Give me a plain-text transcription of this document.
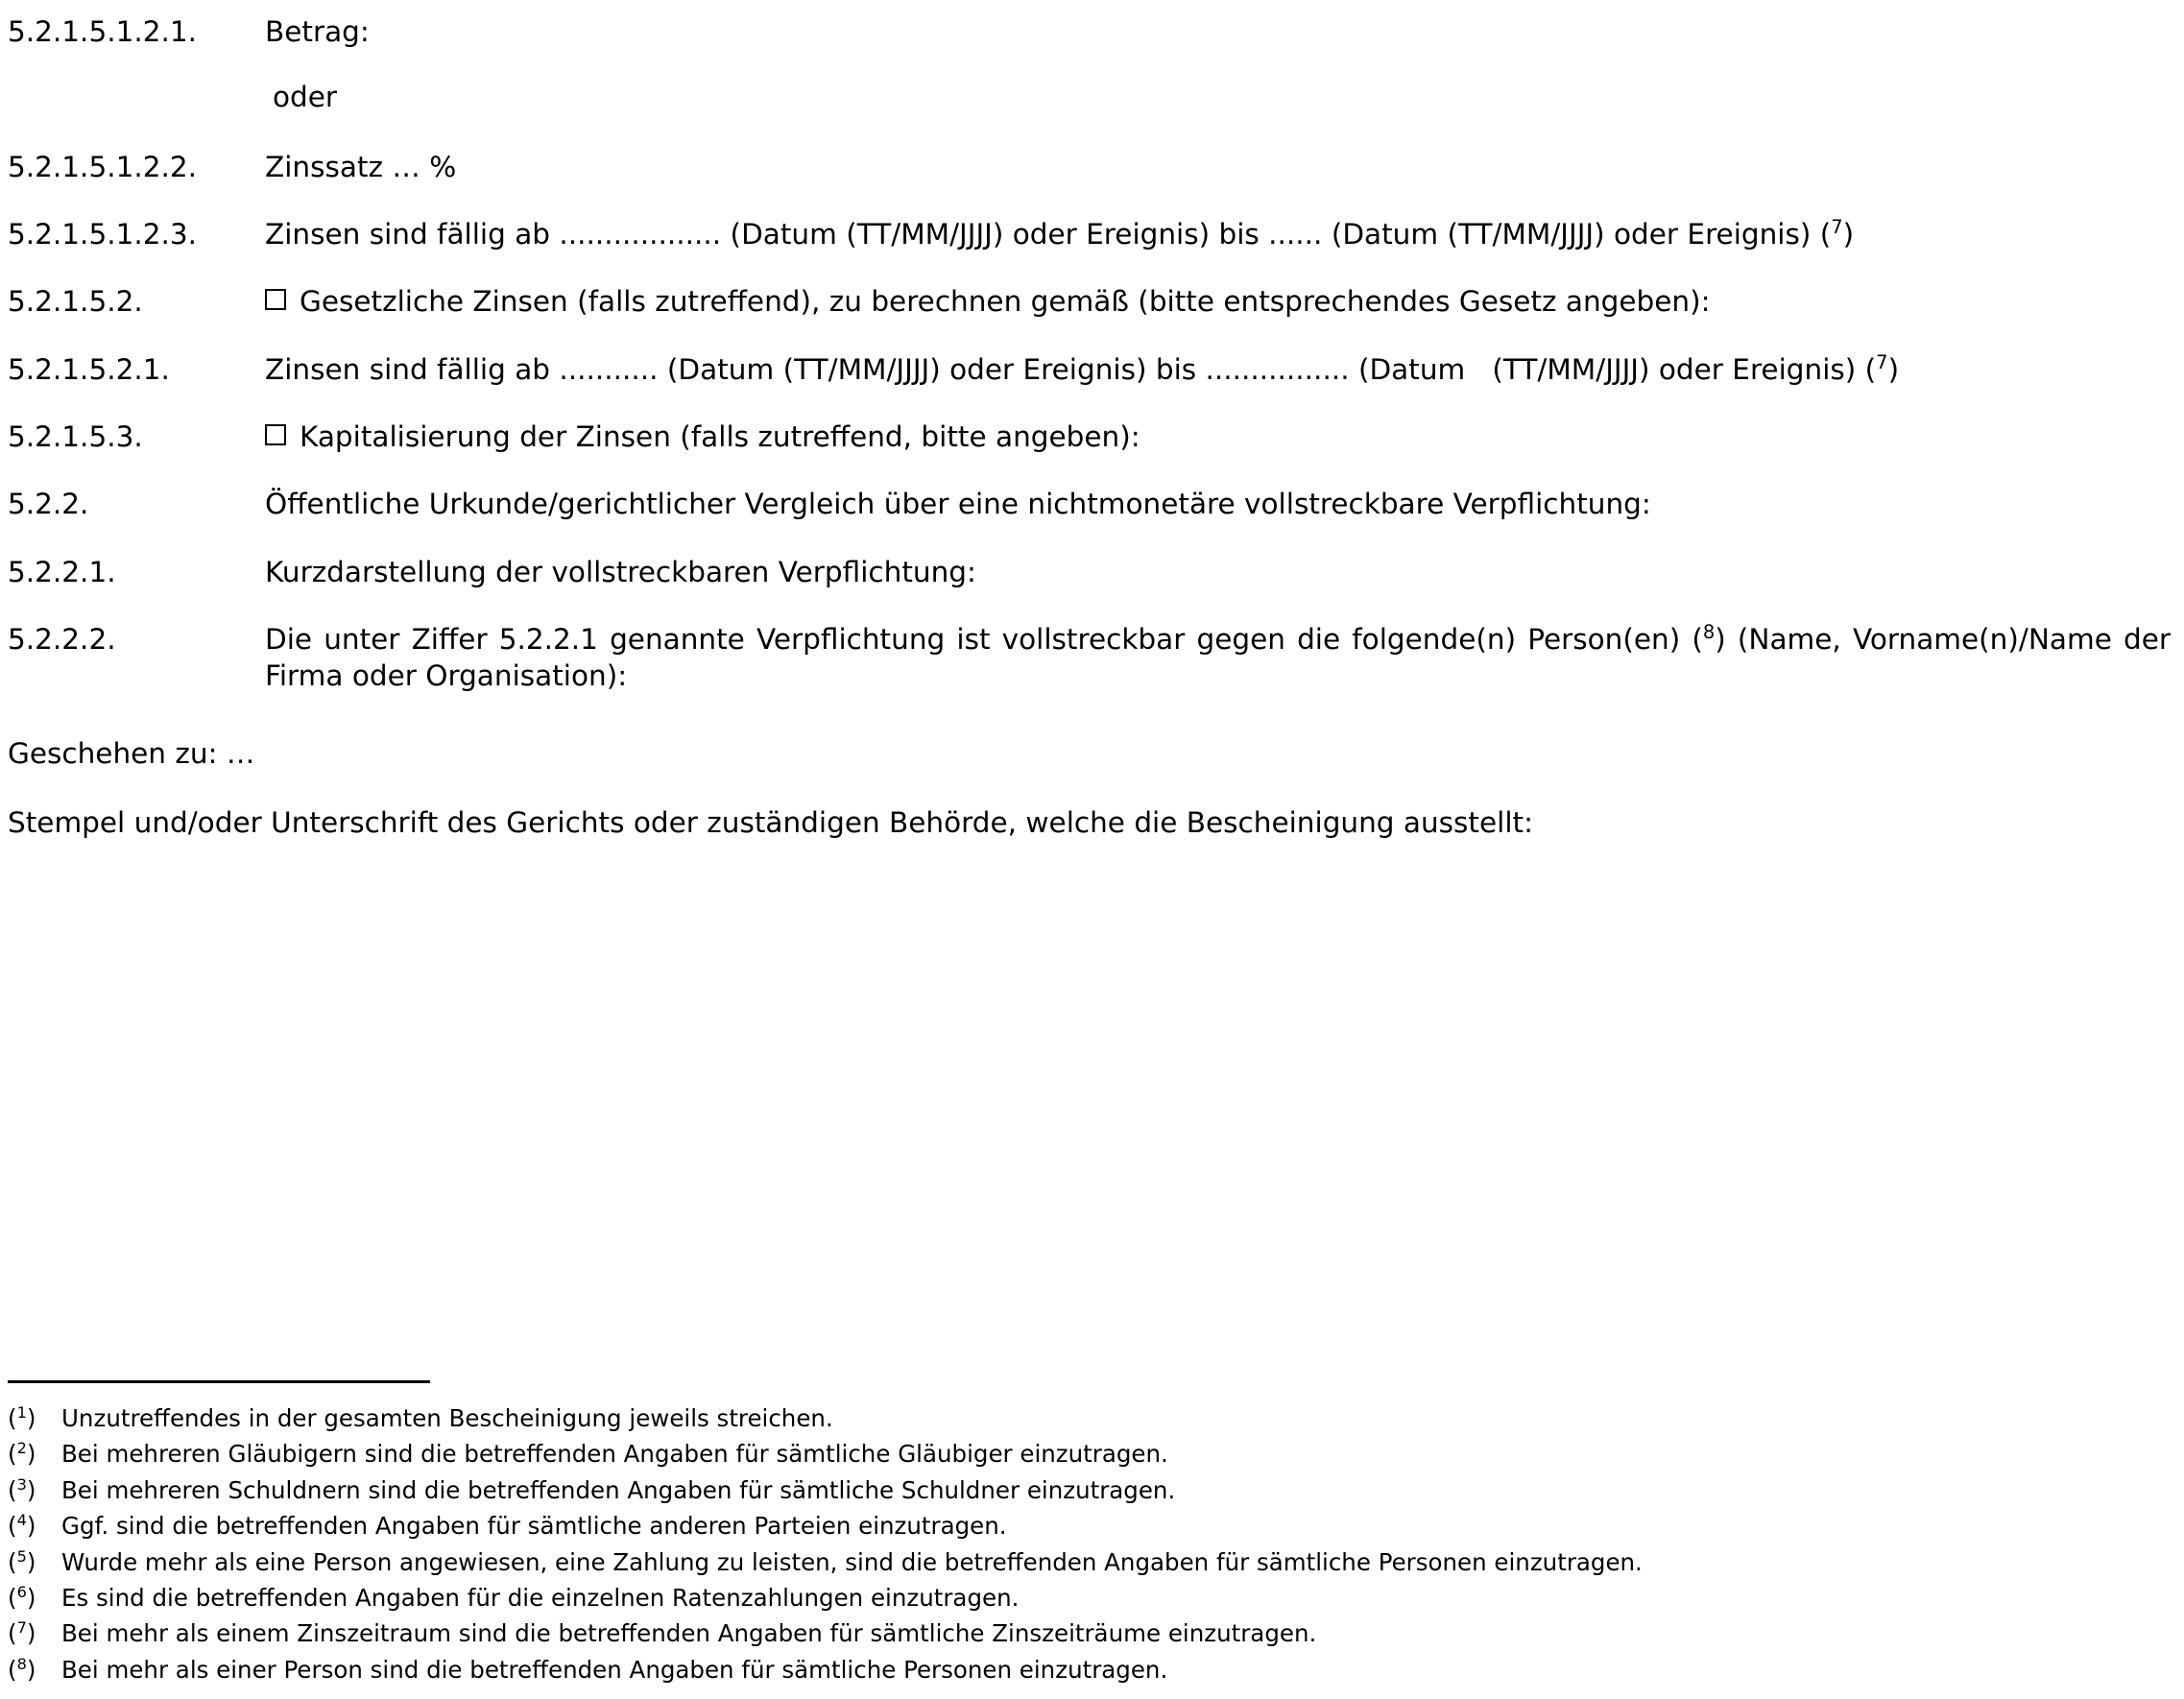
5.2.1.5.1.2.1.	Betrag:
oder
5.2.1.5.1.2.2.	Zinssatz … %
5.2.1.5.1.2.3.	Zinsen sind fällig ab .................. (Datum (TT/MM/JJJJ) oder Ereignis) bis ...... (Datum (TT/MM/JJJJ) oder Ereignis) ($^7$)
5.2.1.5.2.	Gesetzliche Zinsen (falls zutreffend), zu berechnen gemäß (bitte entsprechendes Gesetz angeben):
5.2.1.5.2.1.	Zinsen sind fällig ab ........... (Datum (TT/MM/JJJJ) oder Ereignis) bis ................ (Datum   (TT/MM/JJJJ) oder Ereignis) ($^7$)
5.2.1.5.3.	Kapitalisierung der Zinsen (falls zutreffend, bitte angeben):
5.2.2.	Öffentliche Urkunde/gerichtlicher Vergleich über eine nichtmonetäre vollstreckbare Verpflichtung:
5.2.2.1.	Kurzdarstellung der vollstreckbaren Verpflichtung:
5.2.2.2.	Die unter Ziffer 5.2.2.1 genannte Verpflichtung ist vollstreckbar gegen die folgende(n) Person(en) ($^8$) (Name, Vorname(n)/Name der Firma oder Organisation):
Geschehen zu: …
Stempel und/oder Unterschrift des Gerichts oder zuständigen Behörde, welche die Bescheinigung ausstellt:
($^1$)	Unzutreffendes in der gesamten Bescheinigung jeweils streichen.
($^2$)	Bei mehreren Gläubigern sind die betreffenden Angaben für sämtliche Gläubiger einzutragen.
($^3$)	Bei mehreren Schuldnern sind die betreffenden Angaben für sämtliche Schuldner einzutragen.
($^4$)	Ggf. sind die betreffenden Angaben für sämtliche anderen Parteien einzutragen.
($^5$)	Wurde mehr als eine Person angewiesen, eine Zahlung zu leisten, sind die betreffenden Angaben für sämtliche Personen einzutragen.
($^6$)	Es sind die betreffenden Angaben für die einzelnen Ratenzahlungen einzutragen.
($^7$)	Bei mehr als einem Zinszeitraum sind die betreffenden Angaben für sämtliche Zinszeiträume einzutragen.
($^8$)	Bei mehr als einer Person sind die betreffenden Angaben für sämtliche Personen einzutragen.
